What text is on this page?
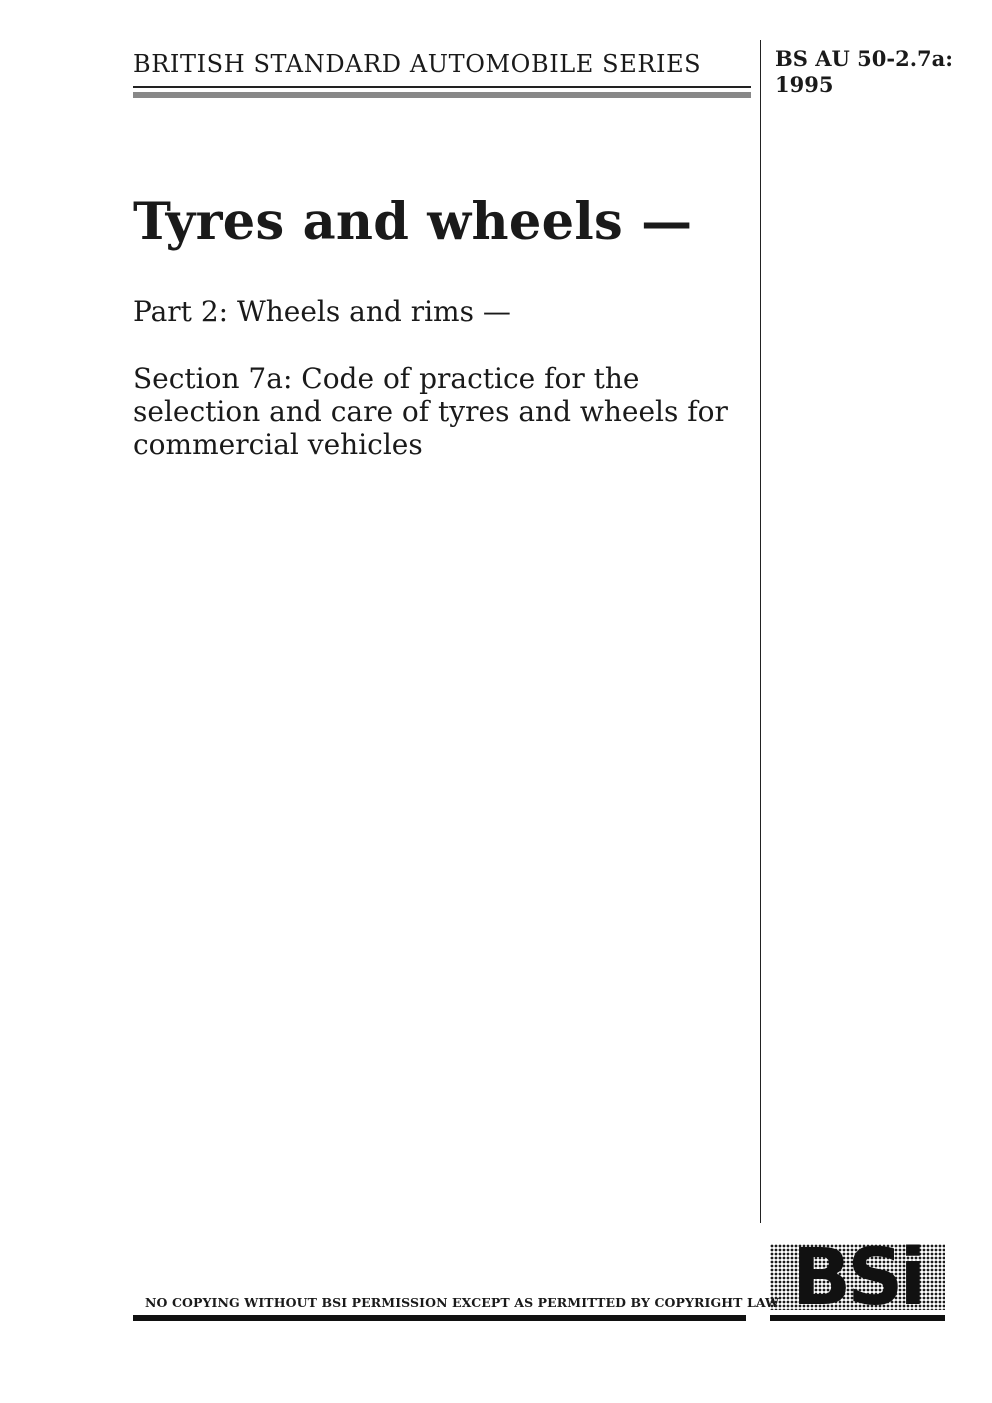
BRITISH STANDARD AUTOMOBILE SERIES	BS AU 50-2.7a:
1995
Tyres and wheels —
Part 2: Wheels and rims —
Section 7a: Code of practice for the selection and care of tyres and wheels for commercial vehicles
BSi
NO COPYING WITHOUT BSI PERMISSION EXCEPT AS PERMITTED BY COPYRIGHT LAW
